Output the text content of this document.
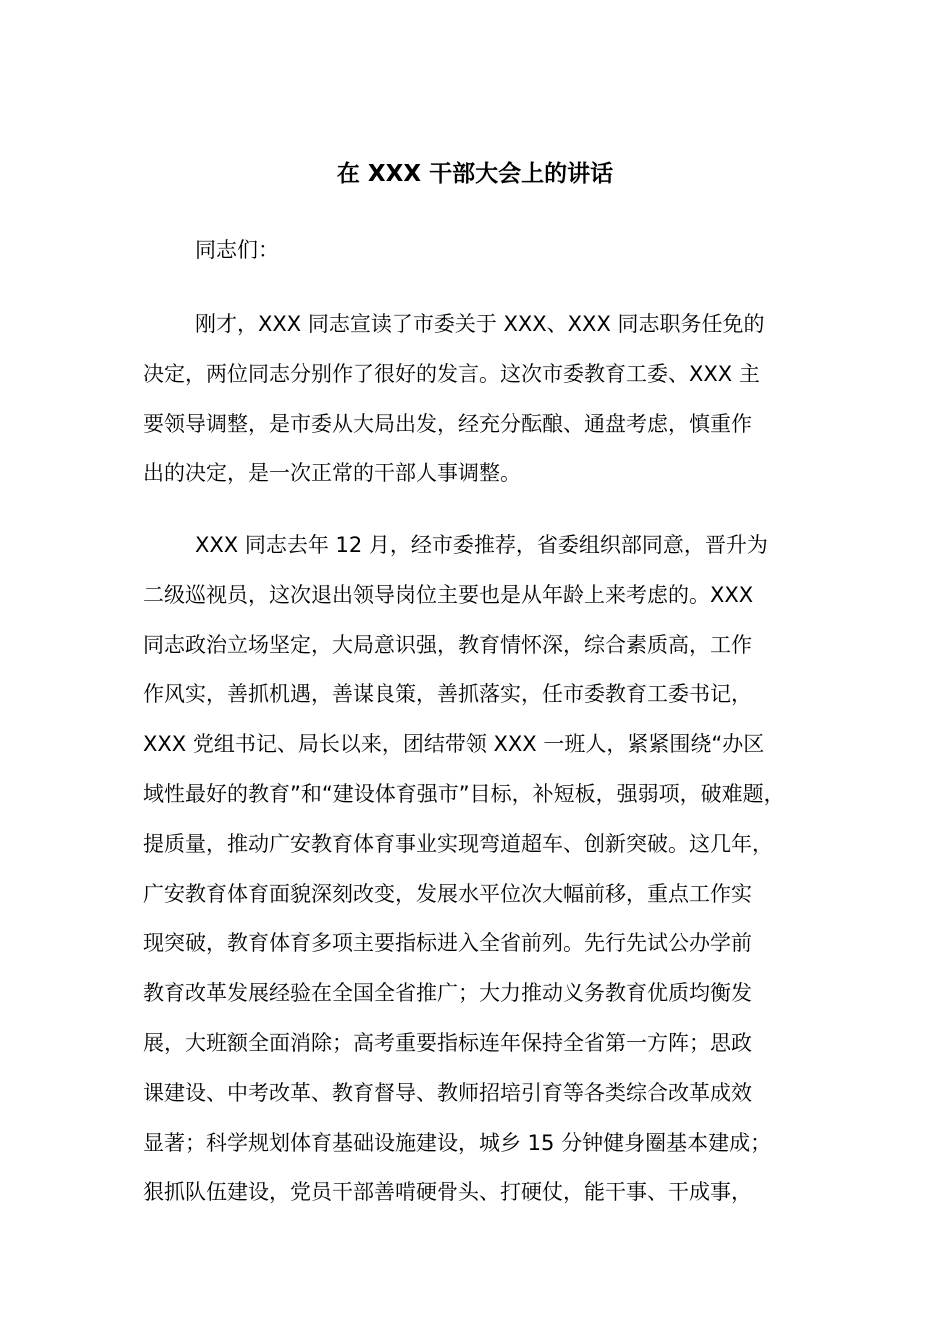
在 XXX 干部大会上的讲话

同志们：

刚才，XXX 同志宣读了市委关于 XXX、XXX 同志职务任免的
决定，两位同志分别作了很好的发言。这次市委教育工委、XXX 主
要领导调整，是市委从大局出发，经充分酝酿、通盘考虑，慎重作
出的决定，是一次正常的干部人事调整。

XXX 同志去年 12 月，经市委推荐，省委组织部同意，晋升为
二级巡视员，这次退出领导岗位主要也是从年龄上来考虑的。XXX
同志政治立场坚定，大局意识强，教育情怀深，综合素质高，工作
作风实，善抓机遇，善谋良策，善抓落实，任市委教育工委书记，
XXX 党组书记、局长以来，团结带领 XXX 一班人，紧紧围绕“办区
域性最好的教育”和“建设体育强市”目标，补短板，强弱项，破难题，
提质量，推动广安教育体育事业实现弯道超车、创新突破。这几年，
广安教育体育面貌深刻改变，发展水平位次大幅前移，重点工作实
现突破，教育体育多项主要指标进入全省前列。先行先试公办学前
教育改革发展经验在全国全省推广；大力推动义务教育优质均衡发
展，大班额全面消除；高考重要指标连年保持全省第一方阵；思政
课建设、中考改革、教育督导、教师招培引育等各类综合改革成效
显著；科学规划体育基础设施建设，城乡 15 分钟健身圈基本建成；
狠抓队伍建设，党员干部善啃硬骨头、打硬仗，能干事、干成事，
